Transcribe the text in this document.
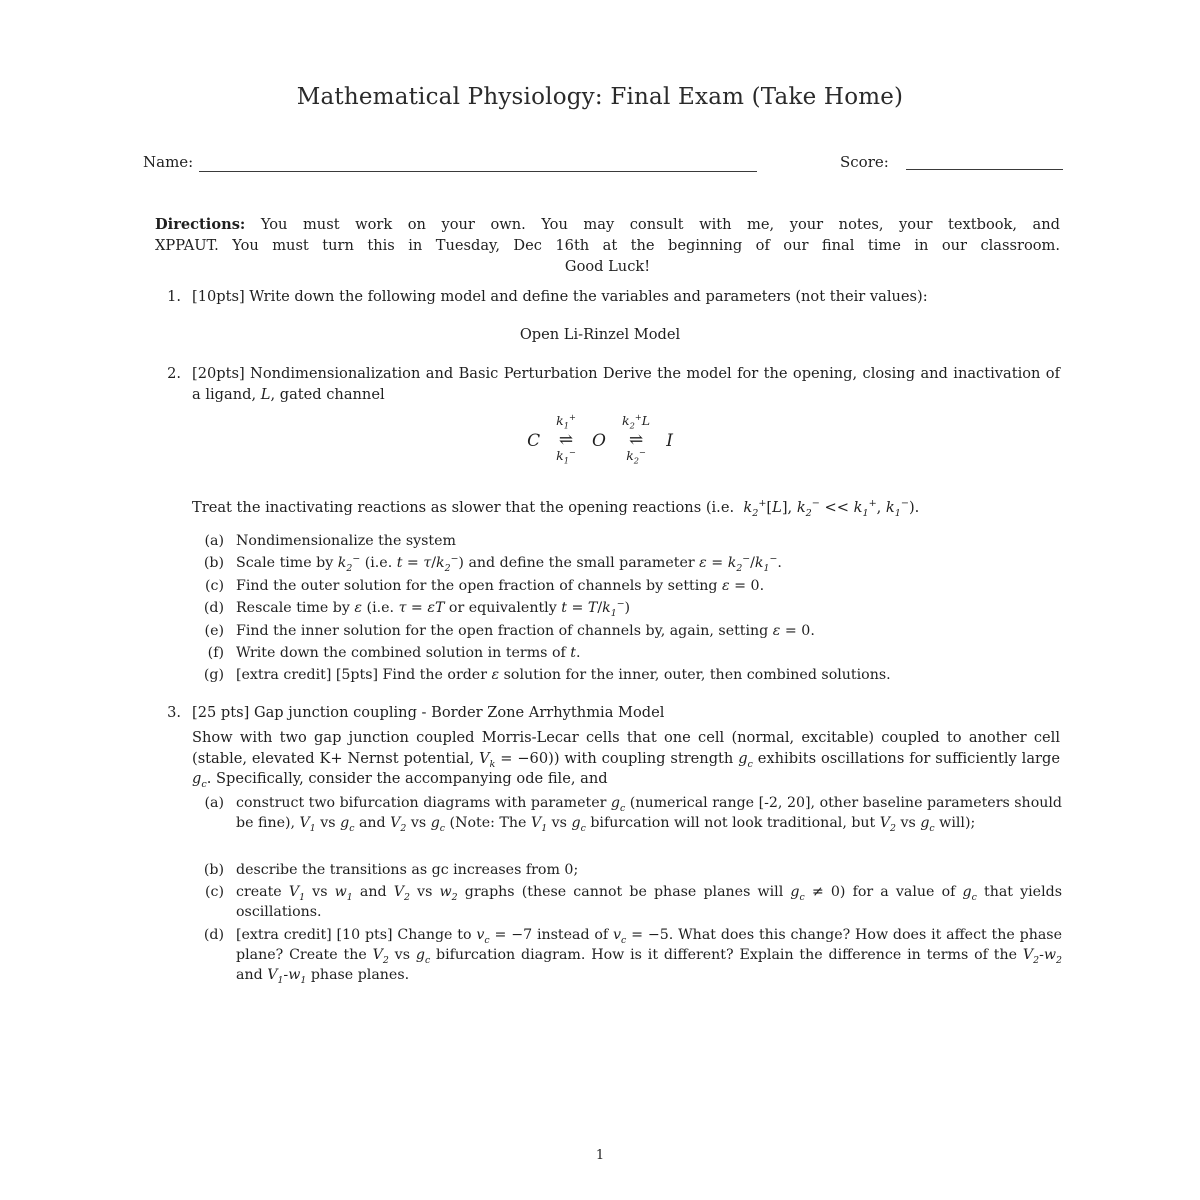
Mathematical Physiology: Final Exam (Take Home)
Name:	Score:
Directions: You must work on your own. You may consult with me, your notes, your textbook, and
XPPAUT. You must turn this in Tuesday, Dec 16th at the beginning of our final time in our classroom.
Good Luck!
1. [10pts] Write down the following model and define the variables and parameters (not their values):
Open Li-Rinzel Model
2. [20pts] Nondimensionalization and Basic Perturbation Derive the model for the opening, closing and inactivation of a ligand, L, gated channel
C
$k_1^+$
⇌
$k_1^-$
O
$k_2^+L$
⇌
$k_2^-$
I
Treat the inactivating reactions as slower that the opening reactions (i.e.  $k_2^+[L]$, $k_2^- << k_1^+$, $k_1^-$).
(a) Nondimensionalize the system
(b) Scale time by $k_2^-$ (i.e. $t = \tau/k_2^-$) and define the small parameter $\varepsilon = k_2^-/k_1^-$.
(c) Find the outer solution for the open fraction of channels by setting ε = 0.
(d) Rescale time by ε (i.e. τ = εT or equivalently $t = T/k_1^-$)
(e) Find the inner solution for the open fraction of channels by, again, setting ε = 0.
(f) Write down the combined solution in terms of t.
(g) [extra credit] [5pts] Find the order ε solution for the inner, outer, then combined solutions.
3. [25 pts] Gap junction coupling - Border Zone Arrhythmia Model
Show with two gap junction coupled Morris-Lecar cells that one cell (normal, excitable) coupled to another cell (stable, elevated K+ Nernst potential, $V_k = -60$)) with coupling strength $g_c$ exhibits oscillations for sufficiently large $g_c$. Specifically, consider the accompanying ode file, and
(a) construct two bifurcation diagrams with parameter $g_c$ (numerical range [-2, 20], other baseline parameters should be fine), $V_1$ vs $g_c$ and $V_2$ vs $g_c$ (Note: The $V_1$ vs $g_c$ bifurcation will not look traditional, but $V_2$ vs $g_c$ will);
(b) describe the transitions as gc increases from 0;
(c) create $V_1$ vs $w_1$ and $V_2$ vs $w_2$ graphs (these cannot be phase planes will $g_c \ne 0$) for a value of $g_c$ that yields oscillations.
(d) [extra credit] [10 pts] Change to $v_c = -7$ instead of $v_c = -5$. What does this change? How does it affect the phase plane? Create the $V_2$ vs $g_c$ bifurcation diagram. How is it different? Explain the difference in terms of the $V_2-w_2$ and $V_1-w_1$ phase planes.
1
